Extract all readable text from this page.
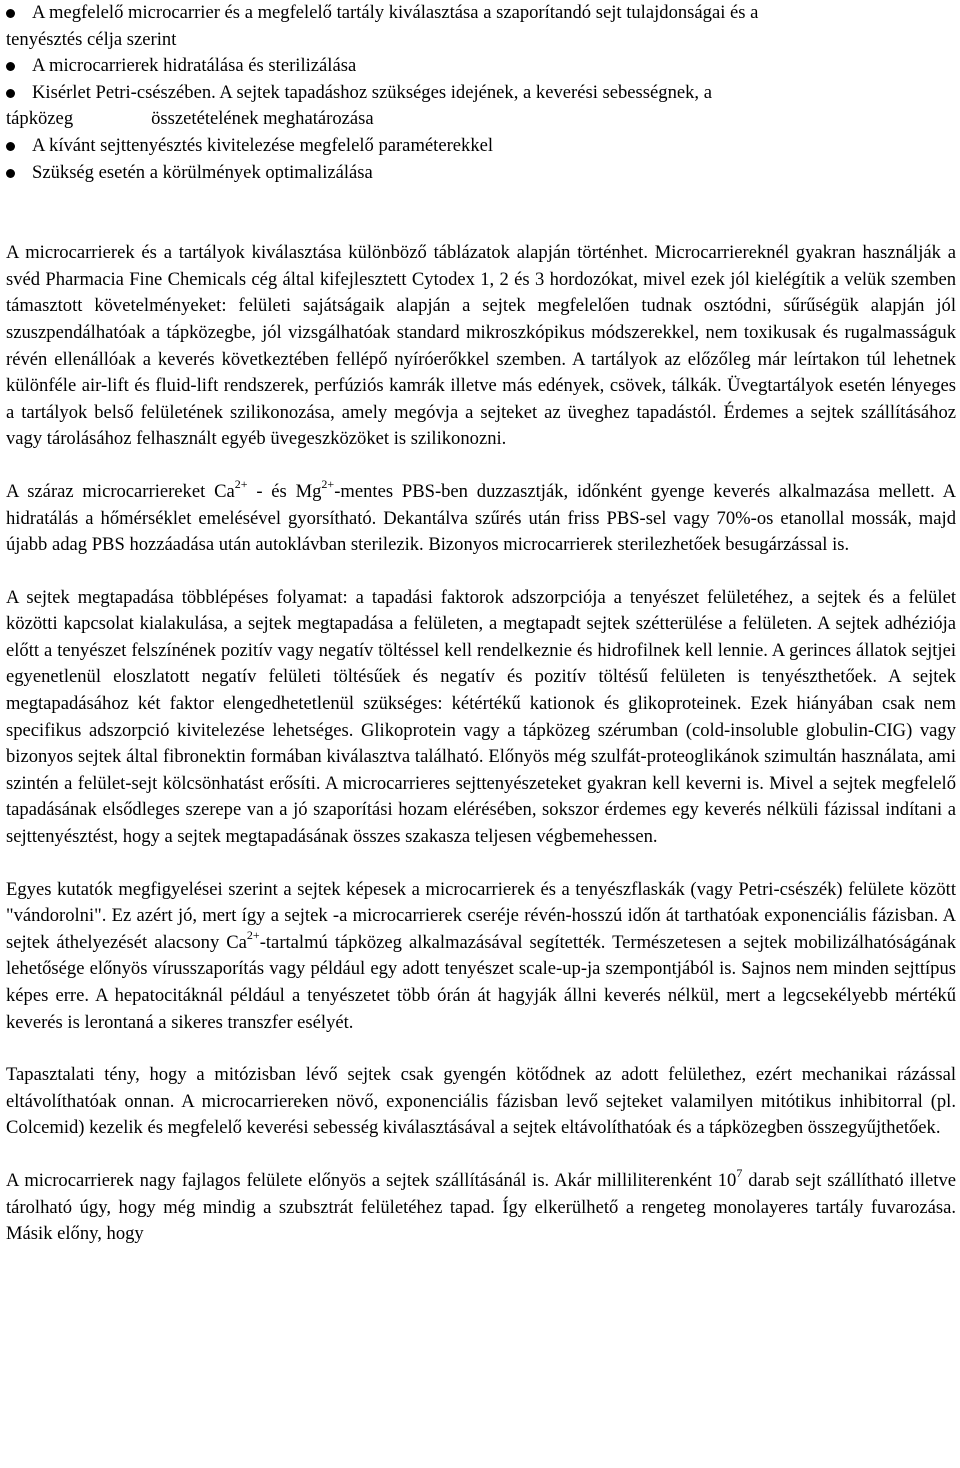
A megfelelő microcarrier és a megfelelő tartály kiválasztása a szaporítandó sejt tulajdonságai és a
tenyésztés célja szerint
A microcarrierek hidratálása és sterilizálása
Kisérlet Petri-csészében. A sejtek tapadáshoz szükséges idejének, a keverési sebességnek, a
tápközeg	összetételének meghatározása
A kívánt sejttenyésztés kivitelezése megfelelő paraméterekkel
Szükség esetén a körülmények optimalizálása

A microcarrierek és a tartályok kiválasztása különböző táblázatok alapján történhet. Microcarriereknél gyakran használják a svéd Pharmacia Fine Chemicals cég által kifejlesztett Cytodex 1, 2 és 3 hordozókat, mivel ezek jól kielégítik a velük szemben támasztott követelményeket: felületi sajátságaik alapján a sejtek megfelelően tudnak osztódni, sűrűségük alapján jól szuszpendálhatóak a tápközegbe, jól vizsgálhatóak standard mikroszkópikus módszerekkel, nem toxikusak és rugalmasságuk révén ellenállóak a keverés következtében fellépő nyíróerőkkel szemben. A tartályok az előzőleg már leírtakon túl lehetnek különféle air-lift és fluid-lift rendszerek, perfúziós kamrák illetve más edények, csövek, tálkák. Üvegtartályok esetén lényeges a tartályok belső felületének szilikonozása, amely megóvja a sejteket az üveghez tapadástól. Érdemes a sejtek szállításához vagy tárolásához felhasznált egyéb üvegeszközöket is szilikonozni.

A száraz microcarriereket $Ca^{2+}$ - és $Mg^{2+}$-mentes PBS-ben duzzasztják, időnként gyenge keverés alkalmazása mellett. A hidratálás a hőmérséklet emelésével gyorsítható. Dekantálva szűrés után friss PBS-sel vagy 70%-os etanollal mossák, majd újabb adag PBS hozzáadása után autoklávban sterilezik. Bizonyos microcarrierek sterilezhetőek besugárzással is.

A sejtek megtapadása többlépéses folyamat: a tapadási faktorok adszorpciója a tenyészet felületéhez, a sejtek és a felület közötti kapcsolat kialakulása, a sejtek megtapadása a felületen, a megtapadt sejtek szétterülése a felületen. A sejtek adhéziója előtt a tenyészet felszínének pozitív vagy negatív töltéssel kell rendelkeznie és hidrofilnek kell lennie. A gerinces állatok sejtjei egyenetlenül eloszlatott negatív felületi töltésűek és negatív és pozitív töltésű felületen is tenyészthetőek. A sejtek megtapadásához két faktor elengedhetetlenül szükséges: kétértékű kationok és glikoproteinek. Ezek hiányában csak nem specifikus adszorpció kivitelezése lehetséges. Glikoprotein vagy a tápközeg szérumban (cold-insoluble globulin-CIG) vagy bizonyos sejtek által fibronektin formában kiválasztva található. Előnyös még szulfát-proteoglikánok szimultán használata, ami szintén a felület-sejt kölcsönhatást erősíti. A microcarrieres sejttenyészeteket gyakran kell keverni is. Mivel a sejtek megfelelő tapadásának elsődleges szerepe van a jó szaporítási hozam elérésében, sokszor érdemes egy keverés nélküli fázissal indítani a sejttenyésztést, hogy a sejtek megtapadásának összes szakasza teljesen végbemehessen.

Egyes kutatók megfigyelései szerint a sejtek képesek a microcarrierek és a tenyészflaskák (vagy Petri-csészék) felülete között "vándorolni". Ez azért jó, mert így a sejtek -a microcarrierek cseréje révén-hosszú időn át tarthatóak exponenciális fázisban. A sejtek áthelyezését alacsony $Ca^{2+}$-tartalmú tápközeg alkalmazásával segítették. Természetesen a sejtek mobilizálhatóságának lehetősége előnyös vírusszaporítás vagy például egy adott tenyészet scale-up-ja szempontjából is. Sajnos nem minden sejttípus képes erre. A hepatocitáknál például a tenyészetet több órán át hagyják állni keverés nélkül, mert a legcsekélyebb mértékű keverés is lerontaná a sikeres transzfer esélyét.

Tapasztalati tény, hogy a mitózisban lévő sejtek csak gyengén kötődnek az adott felülethez, ezért mechanikai rázással eltávolíthatóak onnan. A microcarriereken növő, exponenciális fázisban levő sejteket valamilyen mitótikus inhibitorral (pl. Colcemid) kezelik és megfelelő keverési sebesség kiválasztásával a sejtek eltávolíthatóak és a tápközegben összegyűjthetőek.

A microcarrierek nagy fajlagos felülete előnyös a sejtek szállításánál is. Akár milliliterenként $10^7$ darab sejt szállítható illetve tárolható úgy, hogy még mindig a szubsztrát felületéhez tapad. Így elkerülhető a rengeteg monolayeres tartály fuvarozása. Másik előny, hogy
